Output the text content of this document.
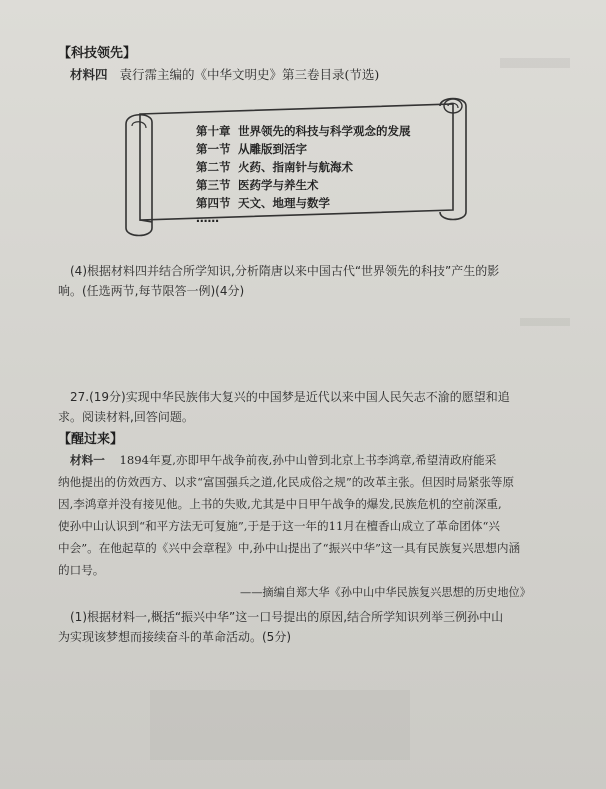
【科技领先】
材料四 袁行霈主编的《中华文明史》第三卷目录(节选)
第十章 世界领先的科技与科学观念的发展
第一节 从雕版到活字
第二节 火药、指南针与航海术
第三节 医药学与养生术
第四节 天文、地理与数学
……
(4)根据材料四并结合所学知识,分析隋唐以来中国古代“世界领先的科技”产生的影
响。(任选两节,每节限答一例)(4分)
27.(19分)实现中华民族伟大复兴的中国梦是近代以来中国人民矢志不渝的愿望和追
求。阅读材料,回答问题。
【醒过来】
材料一 1894年夏,亦即甲午战争前夜,孙中山曾到北京上书李鸿章,希望清政府能采
纳他提出的仿效西方、以求“富国强兵之道,化民成俗之规”的改革主张。但因时局紧张等原
因,李鸿章并没有接见他。上书的失败,尤其是中日甲午战争的爆发,民族危机的空前深重,
使孙中山认识到“和平方法无可复施”,于是于这一年的11月在檀香山成立了革命团体“兴
中会”。在他起草的《兴中会章程》中,孙中山提出了“振兴中华”这一具有民族复兴思想内涵
的口号。
——摘编自郑大华《孙中山中华民族复兴思想的历史地位》
(1)根据材料一,概括“振兴中华”这一口号提出的原因,结合所学知识列举三例孙中山
为实现该梦想而接续奋斗的革命活动。(5分)
